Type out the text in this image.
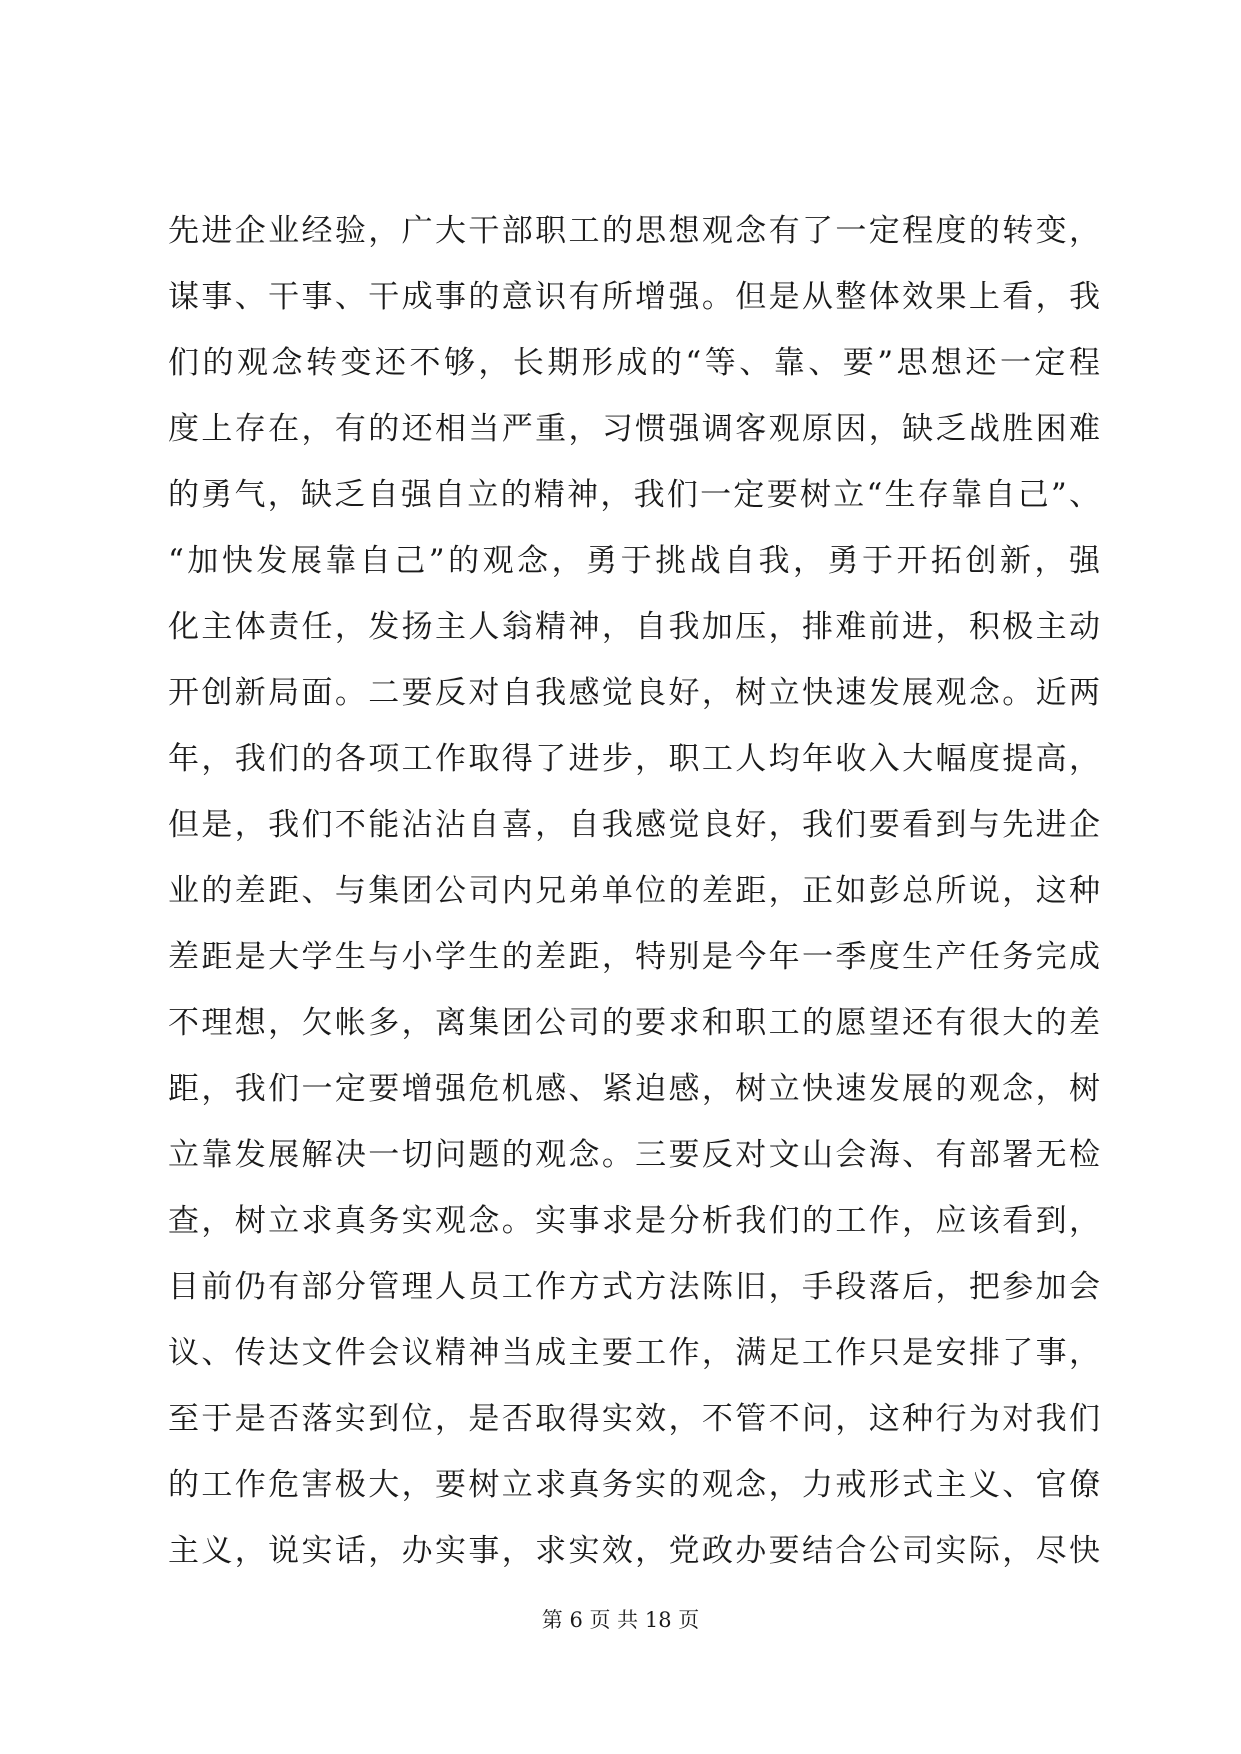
先进企业经验，广大干部职工的思想观念有了一定程度的转变，
谋事、干事、干成事的意识有所增强。但是从整体效果上看，我
们的观念转变还不够，长期形成的“等、靠、要”思想还一定程
度上存在，有的还相当严重，习惯强调客观原因，缺乏战胜困难
的勇气，缺乏自强自立的精神，我们一定要树立“生存靠自己”、
“加快发展靠自己”的观念，勇于挑战自我，勇于开拓创新，强
化主体责任，发扬主人翁精神，自我加压，排难前进，积极主动
开创新局面。二要反对自我感觉良好，树立快速发展观念。近两
年，我们的各项工作取得了进步，职工人均年收入大幅度提高，
但是，我们不能沾沾自喜，自我感觉良好，我们要看到与先进企
业的差距、与集团公司内兄弟单位的差距，正如彭总所说，这种
差距是大学生与小学生的差距，特别是今年一季度生产任务完成
不理想，欠帐多，离集团公司的要求和职工的愿望还有很大的差
距，我们一定要增强危机感、紧迫感，树立快速发展的观念，树
立靠发展解决一切问题的观念。三要反对文山会海、有部署无检
查，树立求真务实观念。实事求是分析我们的工作，应该看到，
目前仍有部分管理人员工作方式方法陈旧，手段落后，把参加会
议、传达文件会议精神当成主要工作，满足工作只是安排了事，
至于是否落实到位，是否取得实效，不管不问，这种行为对我们
的工作危害极大，要树立求真务实的观念，力戒形式主义、官僚
主义，说实话，办实事，求实效，党政办要结合公司实际，尽快
第 6 页 共 18 页
